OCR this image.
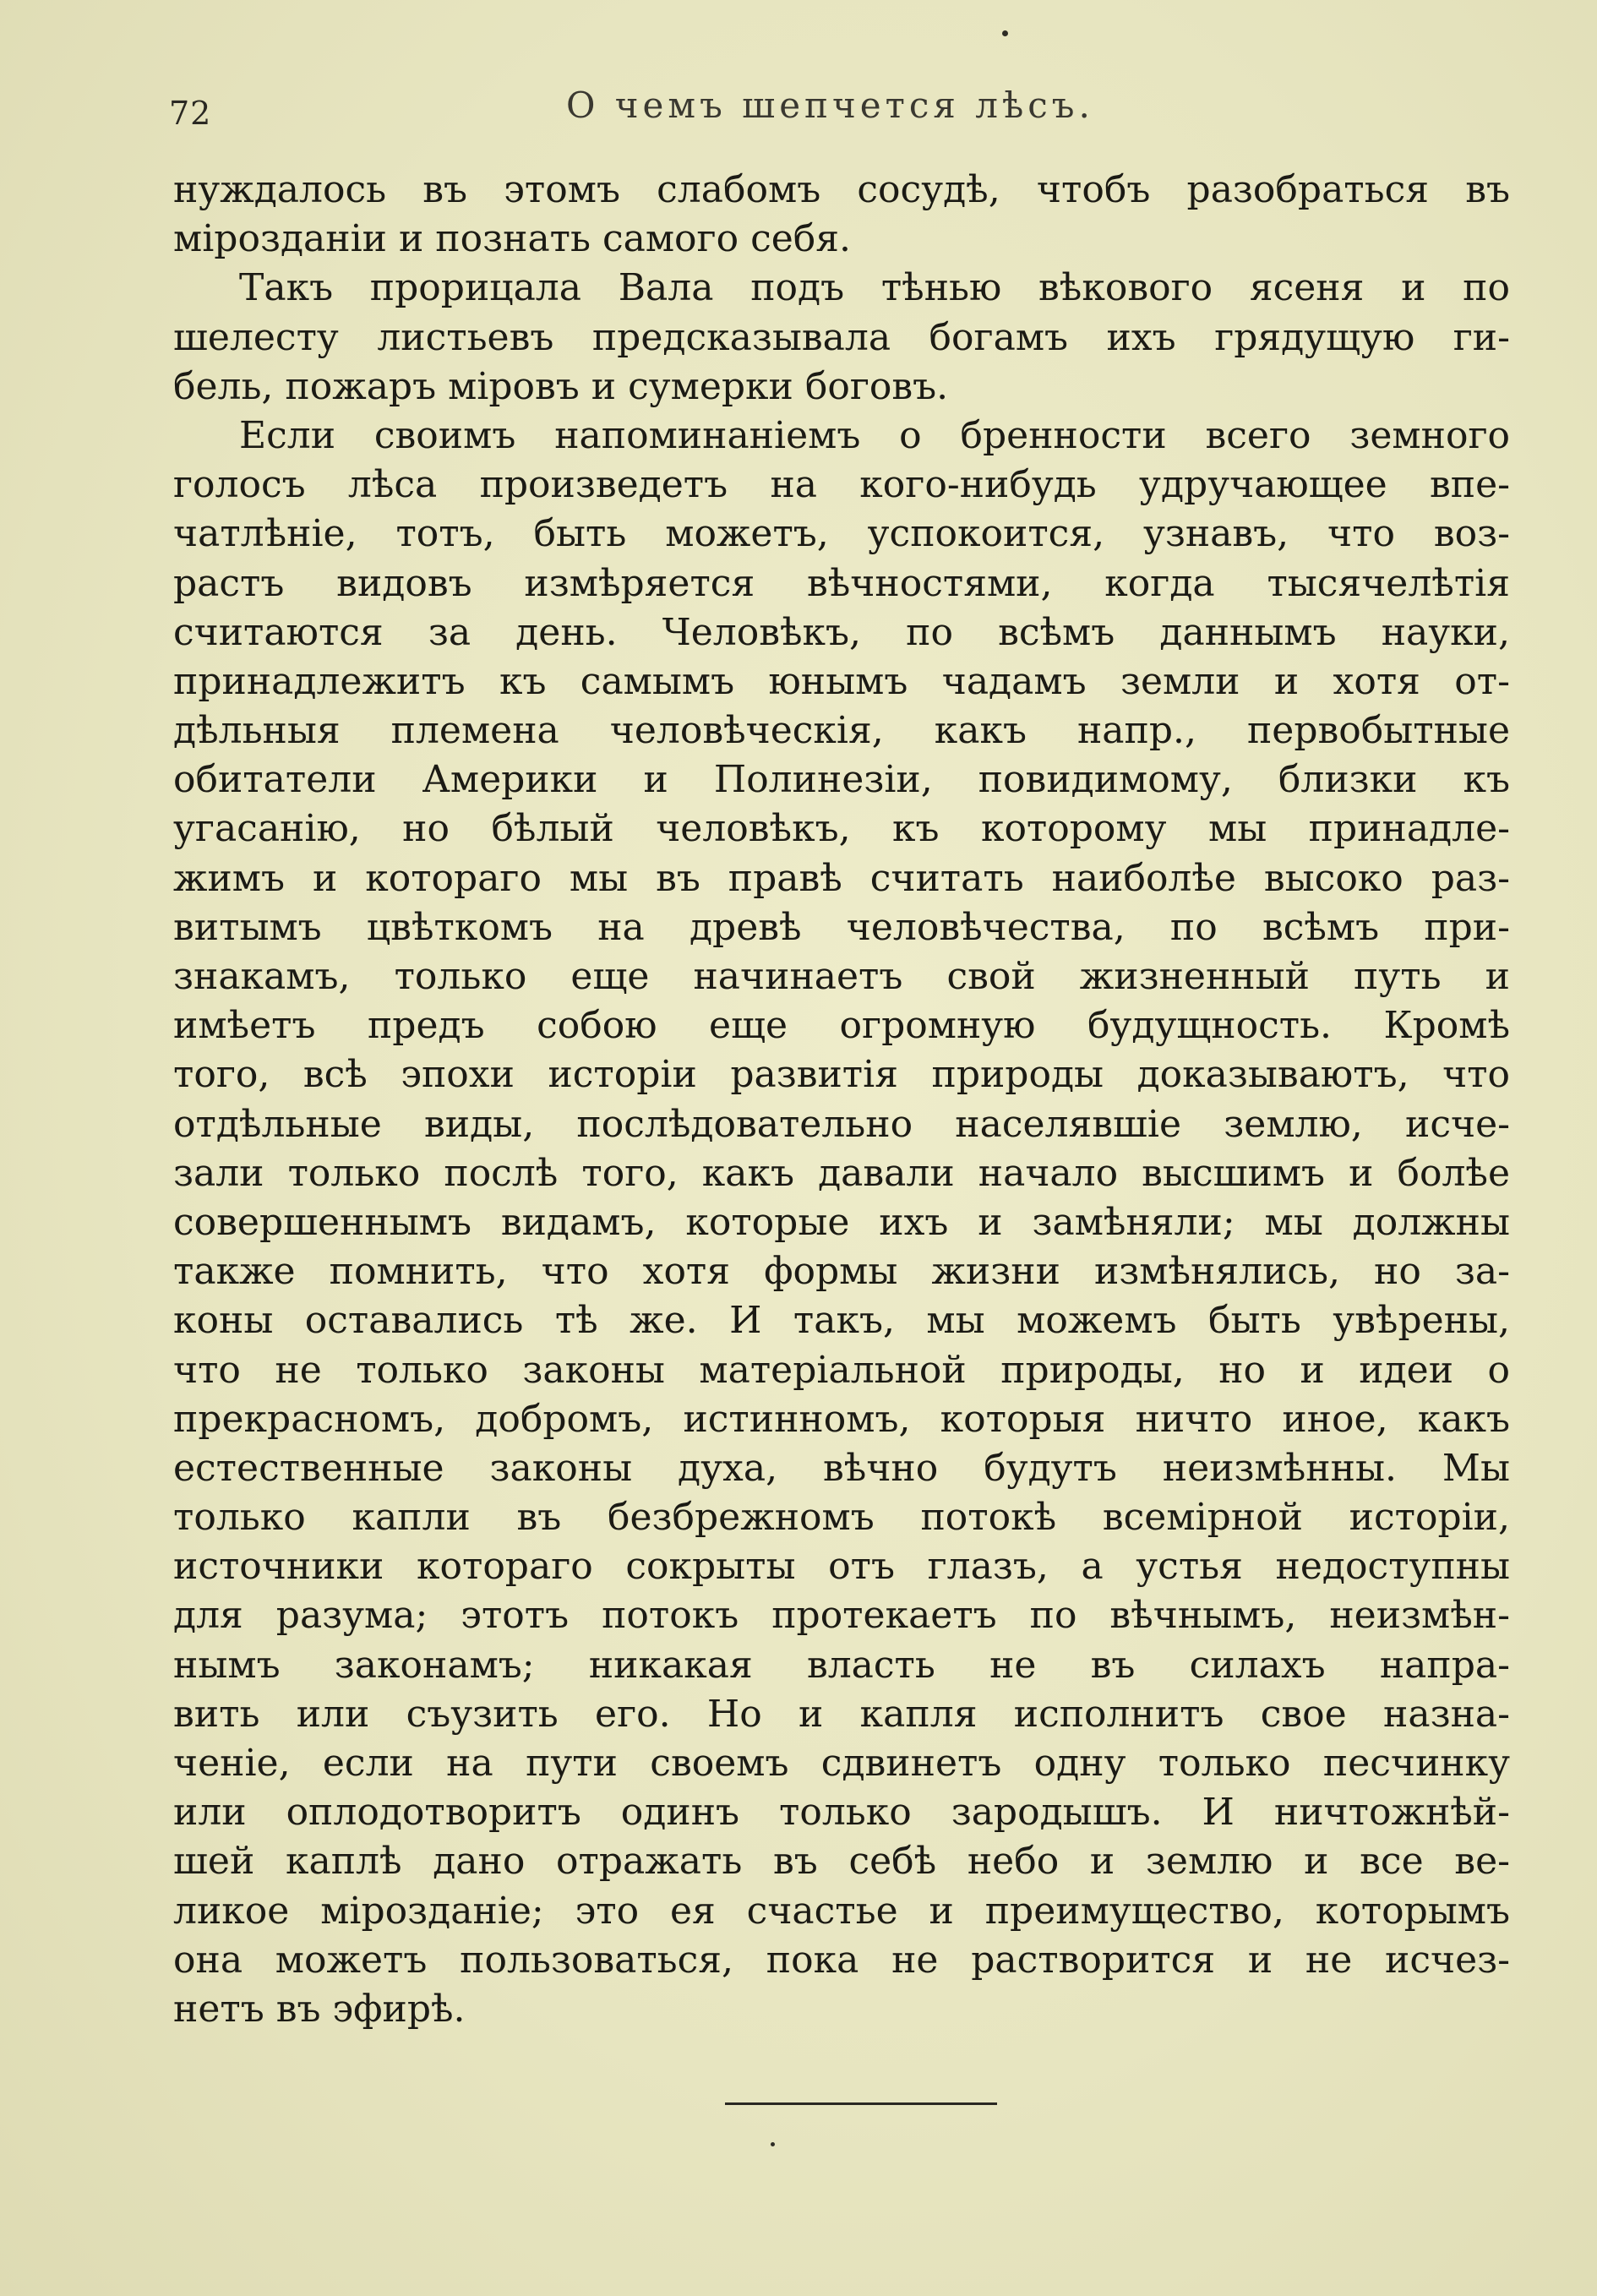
72	О чемъ шепчется лѣсъ.
нуждалось въ этомъ слабомъ сосудѣ, чтобъ разобраться въ
мірозданіи и познать самого себя.
Такъ прорицала Вала подъ тѣнью вѣкового ясеня и по
шелесту листьевъ предсказывала богамъ ихъ грядущую ги-
бель, пожаръ міровъ и сумерки боговъ.
Если своимъ напоминаніемъ о бренности всего земного
голосъ лѣса произведетъ на кого-нибудь удручающее впе-
чатлѣніе, тотъ, быть можетъ, успокоится, узнавъ, что воз-
растъ видовъ измѣряется вѣчностями, когда тысячелѣтія
считаются за день. Человѣкъ, по всѣмъ даннымъ науки,
принадлежитъ къ самымъ юнымъ чадамъ земли и хотя от-
дѣльныя племена человѣческія, какъ напр., первобытные
обитатели Америки и Полинезіи, повидимому, близки къ
угасанію, но бѣлый человѣкъ, къ которому мы принадле-
жимъ и котораго мы въ правѣ считать наиболѣе высоко раз-
витымъ цвѣткомъ на древѣ человѣчества, по всѣмъ при-
знакамъ, только еще начинаетъ свой жизненный путь и
имѣетъ предъ собою еще огромную будущность. Кромѣ
того, всѣ эпохи исторіи развитія природы доказываютъ, что
отдѣльные виды, послѣдовательно населявшіе землю, исче-
зали только послѣ того, какъ давали начало высшимъ и болѣе
совершеннымъ видамъ, которые ихъ и замѣняли; мы должны
также помнить, что хотя формы жизни измѣнялись, но за-
коны оставались тѣ же. И такъ, мы можемъ быть увѣрены,
что не только законы матеріальной природы, но и идеи о
прекрасномъ, добромъ, истинномъ, которыя ничто иное, какъ
естественные законы духа, вѣчно будутъ неизмѣнны. Мы
только капли въ безбрежномъ потокѣ всемірной исторіи,
источники котораго сокрыты отъ глазъ, а устья недоступны
для разума; этотъ потокъ протекаетъ по вѣчнымъ, неизмѣн-
нымъ законамъ; никакая власть не въ силахъ напра-
вить или съузить его. Но и капля исполнитъ свое назна-
ченіе, если на пути своемъ сдвинетъ одну только песчинку
или оплодотворитъ одинъ только зародышъ. И ничтожнѣй-
шей каплѣ дано отражать въ себѣ небо и землю и все ве-
ликое мірозданіе; это ея счастье и преимущество, которымъ
она можетъ пользоваться, пока не растворится и не исчез-
нетъ въ эфирѣ.
